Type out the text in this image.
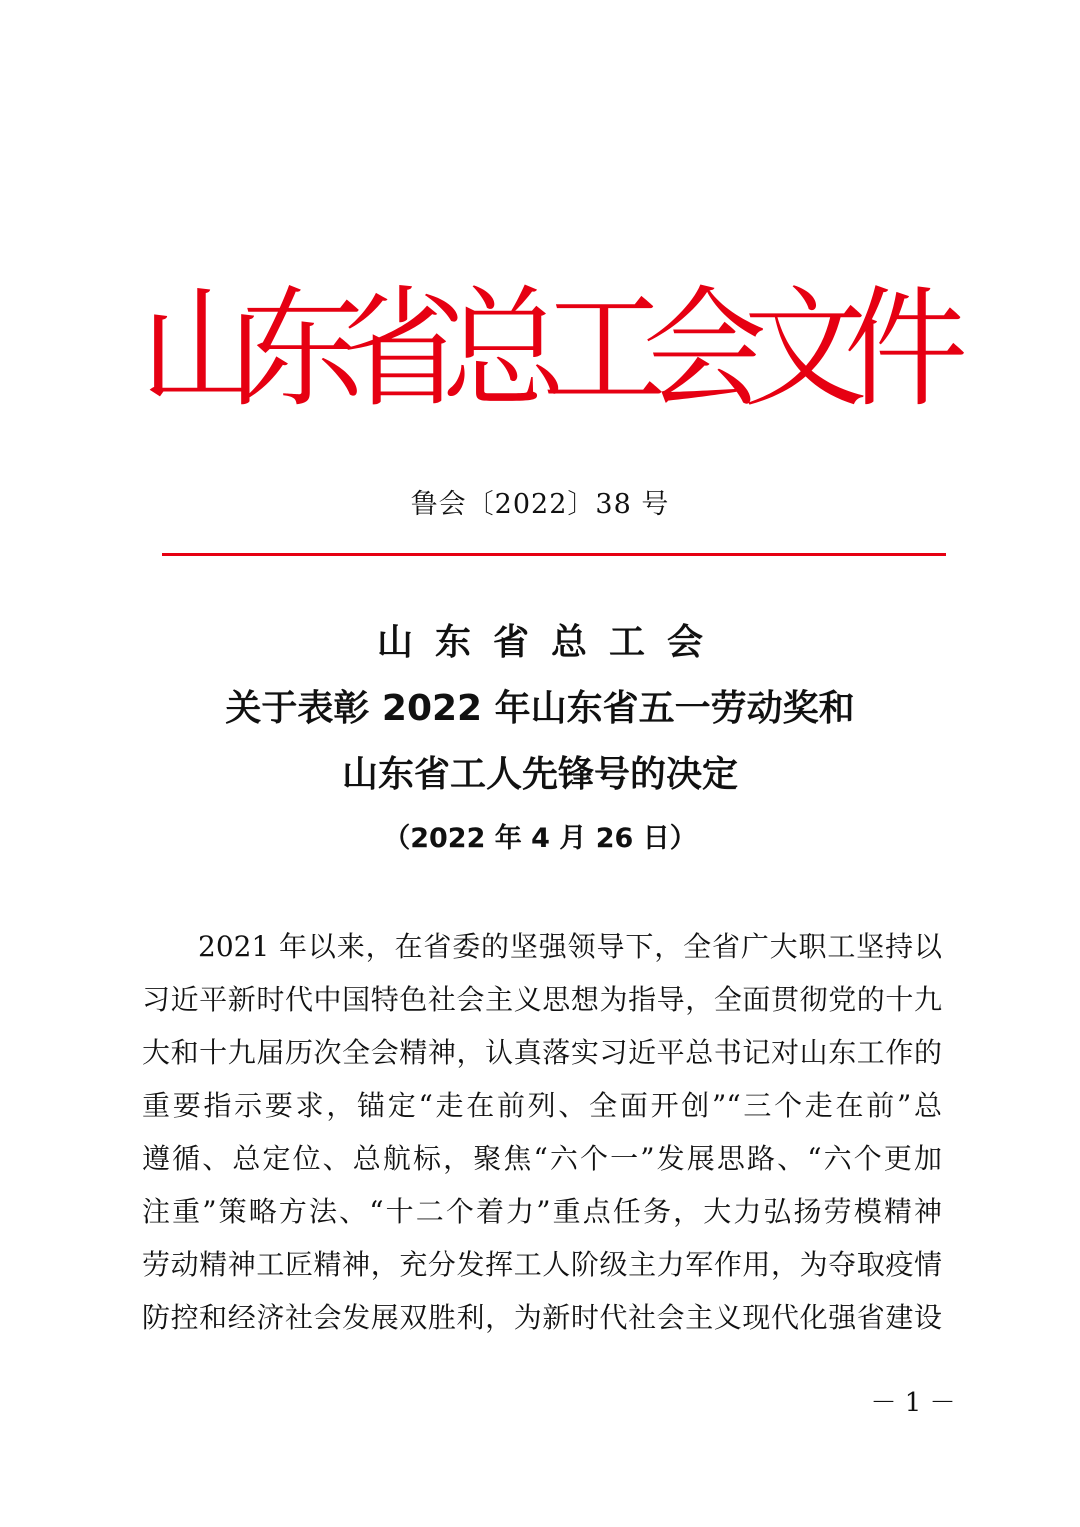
山
东
省
总
工
会
文
件
鲁会〔2022〕38 号
山东省总工会
关于表彰 2022 年山东省五一劳动奖和
山东省工人先锋号的决定
（2022 年 4 月 26 日）
2021 年以来，在省委的坚强领导下，全省广大职工坚持以
习近平新时代中国特色社会主义思想为指导，全面贯彻党的十九
大和十九届历次全会精神，认真落实习近平总书记对山东工作的
重要指示要求，锚定“走在前列、全面开创”“三个走在前”总
遵循、总定位、总航标，聚焦“六个一”发展思路、“六个更加
注重”策略方法、“十二个着力”重点任务，大力弘扬劳模精神
劳动精神工匠精神，充分发挥工人阶级主力军作用，为夺取疫情
防控和经济社会发展双胜利，为新时代社会主义现代化强省建设
－ 1 －
